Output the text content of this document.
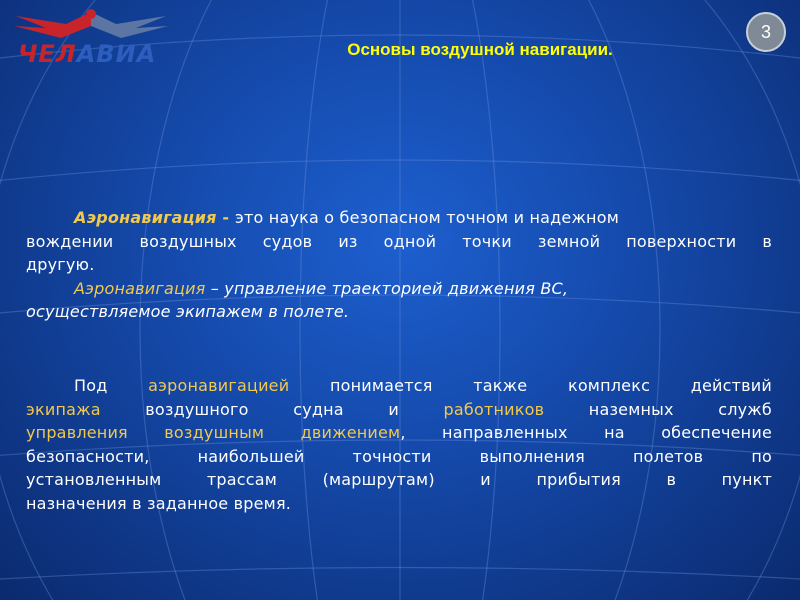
ЧЕЛАВИА
3
Основы воздушной навигации.
Аэронавигация - это наука о безопасном точном и надежном
вождении воздушных судов из одной точки земной поверхности в
другую.
Аэронавигация – управление траекторией движения ВС,
осуществляемое экипажем в полете.
Под	аэронавигацией	понимается также комплекс действий
экипажа	воздушного судна и	работников	наземных служб
управления воздушным движением, направленных на обеспечение
безопасности, наибольшей точности выполнения полетов по
установленным трассам (маршрутам) и прибытия в пункт
назначения в заданное время.
